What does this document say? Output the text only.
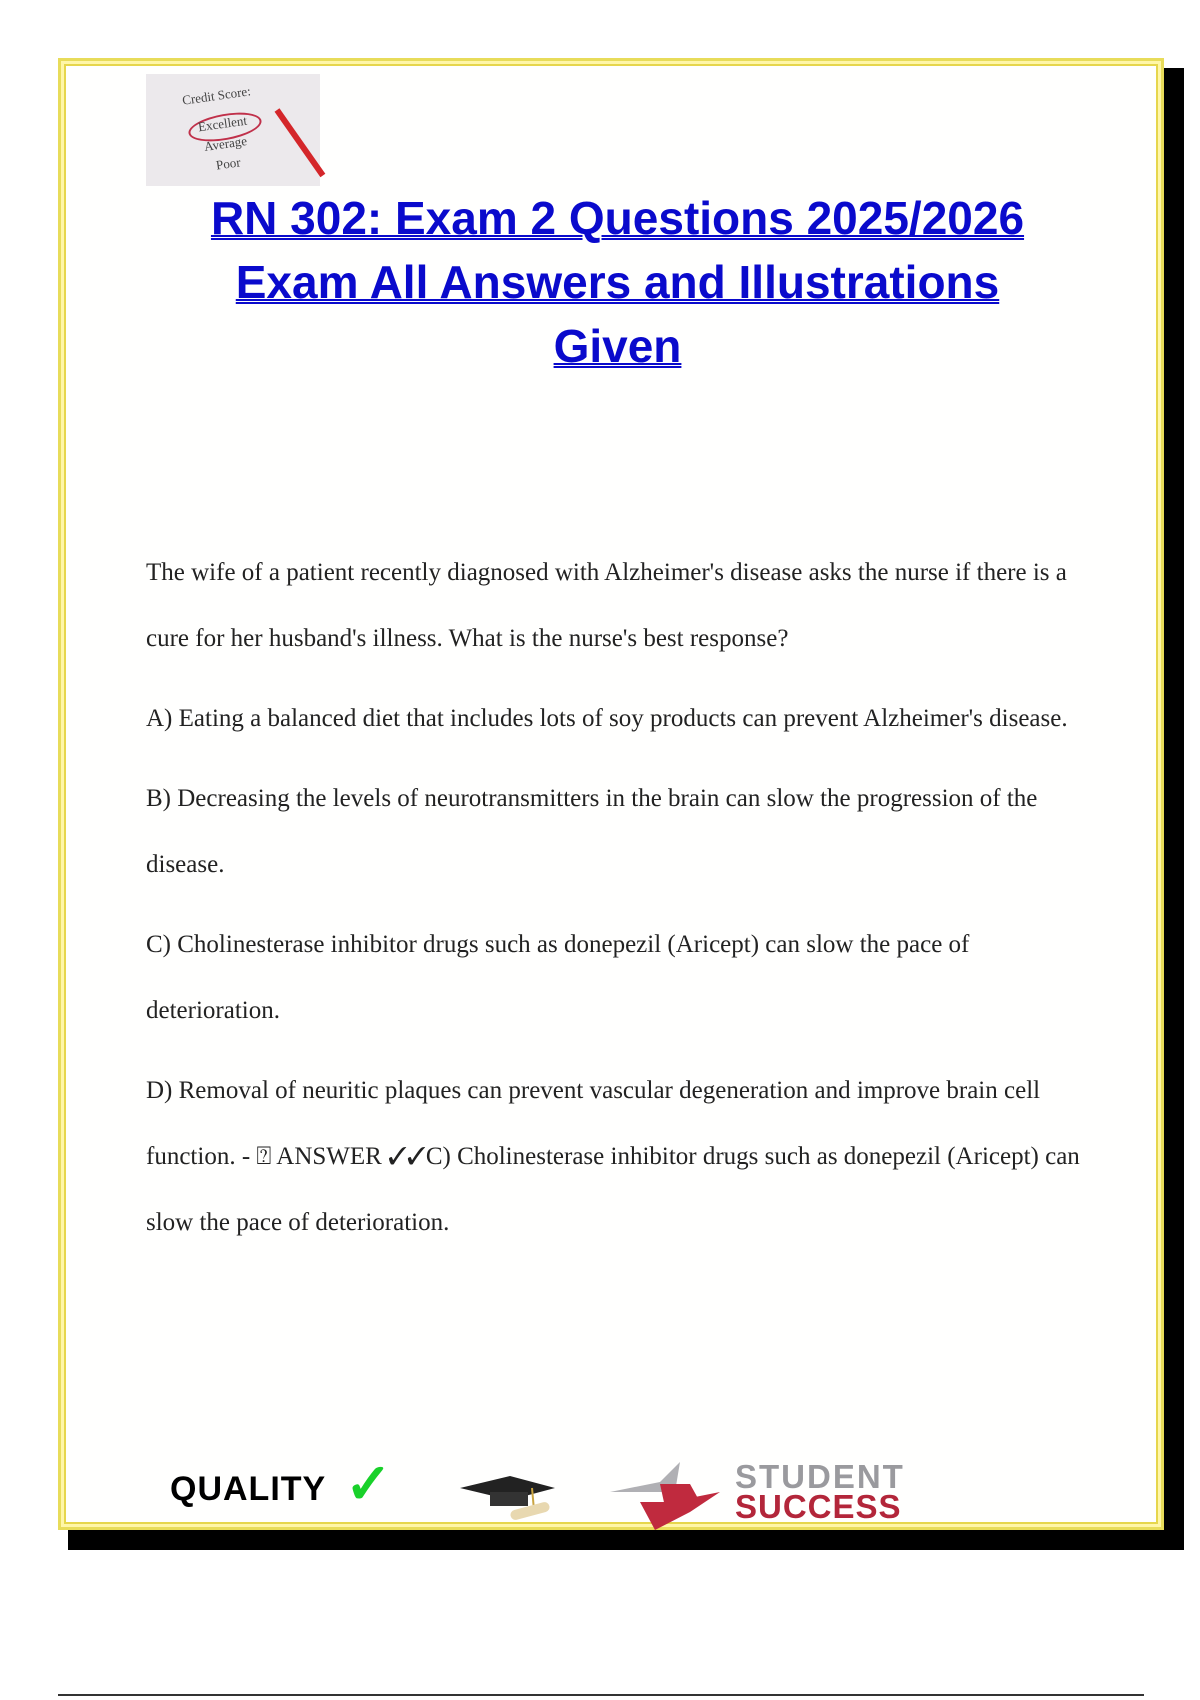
Credit Score:
Excellent
Average
Poor
RN 302: Exam 2 Questions 2025/2026
Exam All Answers and Illustrations
Given

The wife of a patient recently diagnosed with Alzheimer's disease asks the nurse if there is a cure for her husband's illness. What is the nurse's best response?

A) Eating a balanced diet that includes lots of soy products can prevent Alzheimer's disease.

B) Decreasing the levels of neurotransmitters in the brain can slow the progression of the disease.

C) Cholinesterase inhibitor drugs such as donepezil (Aricept) can slow the pace of deterioration.

D) Removal of neuritic plaques can prevent vascular degeneration and improve brain cell function. - ⍰ ANSWER ✓✓C) Cholinesterase inhibitor drugs such as donepezil (Aricept) can slow the pace of deterioration.

QUALITY ✓	STUDENT
SUCCESS
